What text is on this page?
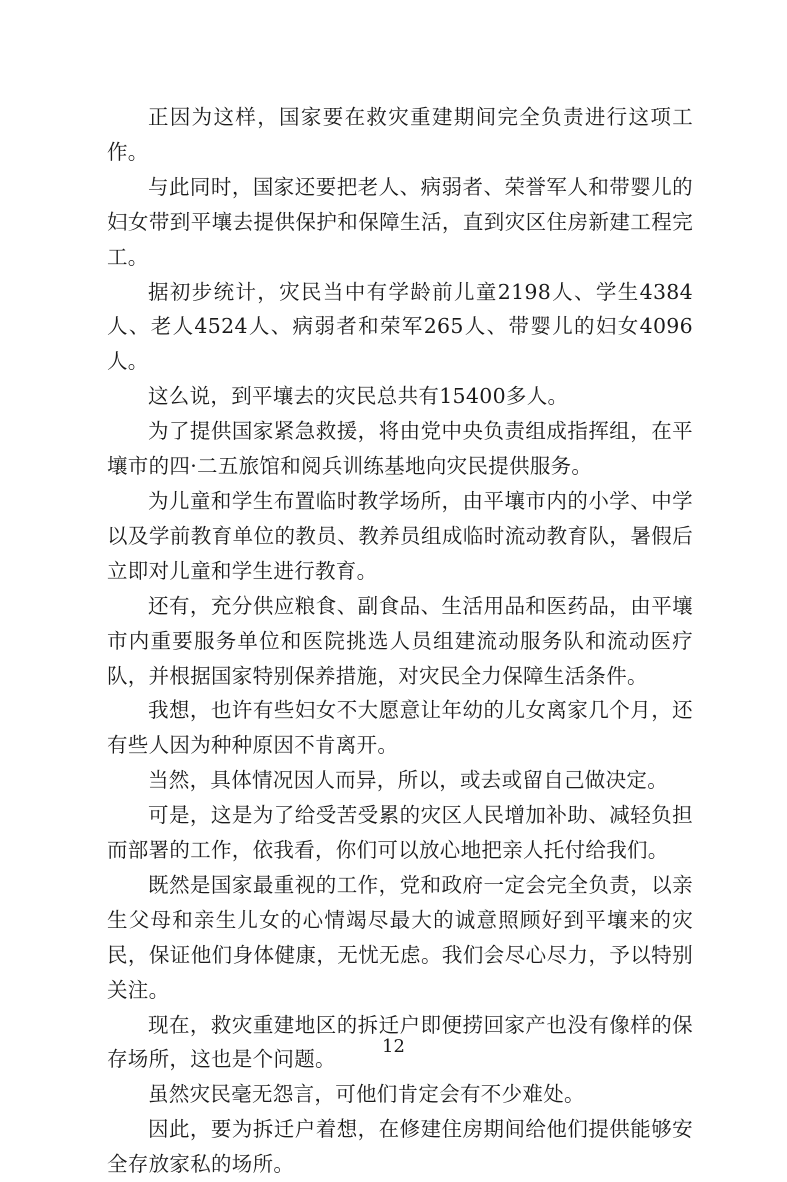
正因为这样，国家要在救灾重建期间完全负责进行这项工作。

与此同时，国家还要把老人、病弱者、荣誉军人和带婴儿的妇女带到平壤去提供保护和保障生活，直到灾区住房新建工程完工。

据初步统计，灾民当中有学龄前儿童2198人、学生4384人、老人4524人、病弱者和荣军265人、带婴儿的妇女4096人。

这么说，到平壤去的灾民总共有15400多人。

为了提供国家紧急救援，将由党中央负责组成指挥组，在平壤市的四·二五旅馆和阅兵训练基地向灾民提供服务。

为儿童和学生布置临时教学场所，由平壤市内的小学、中学以及学前教育单位的教员、教养员组成临时流动教育队，暑假后立即对儿童和学生进行教育。

还有，充分供应粮食、副食品、生活用品和医药品，由平壤市内重要服务单位和医院挑选人员组建流动服务队和流动医疗队，并根据国家特别保养措施，对灾民全力保障生活条件。

我想，也许有些妇女不大愿意让年幼的儿女离家几个月，还有些人因为种种原因不肯离开。

当然，具体情况因人而异，所以，或去或留自己做决定。

可是，这是为了给受苦受累的灾区人民增加补助、减轻负担而部署的工作，依我看，你们可以放心地把亲人托付给我们。

既然是国家最重视的工作，党和政府一定会完全负责，以亲生父母和亲生儿女的心情竭尽最大的诚意照顾好到平壤来的灾民，保证他们身体健康，无忧无虑。我们会尽心尽力，予以特别关注。

现在，救灾重建地区的拆迁户即便捞回家产也没有像样的保存场所，这也是个问题。

虽然灾民毫无怨言，可他们肯定会有不少难处。

因此，要为拆迁户着想，在修建住房期间给他们提供能够安全存放家私的场所。

12
